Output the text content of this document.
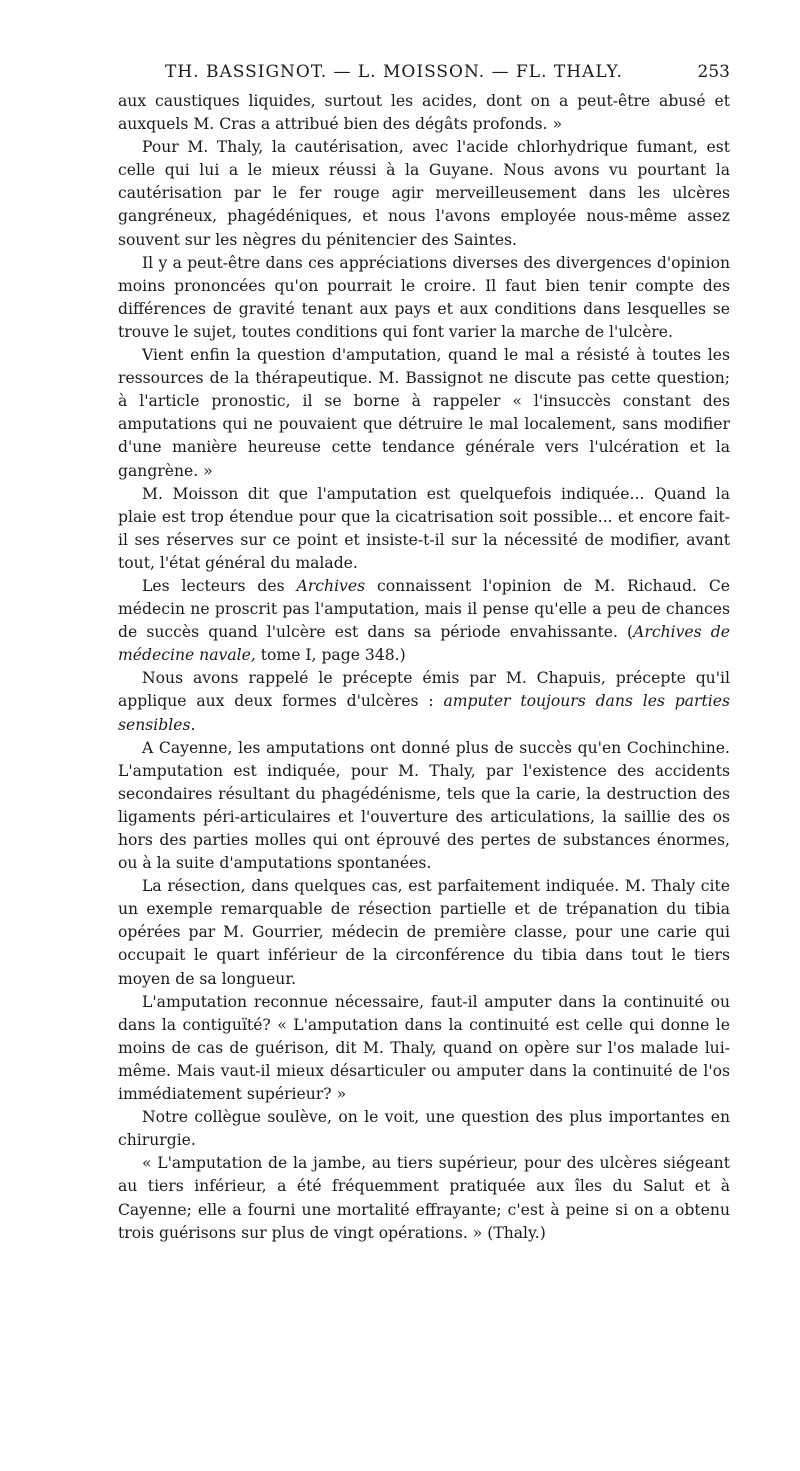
TH. BASSIGNOT. — L. MOISSON. — FL. THALY.	253

aux caustiques liquides, surtout les acides, dont on a peut-être abusé et auxquels M. Cras a attribué bien des dégâts profonds. »

Pour M. Thaly, la cautérisation, avec l'acide chlorhydrique fumant, est celle qui lui a le mieux réussi à la Guyane. Nous avons vu pourtant la cautérisation par le fer rouge agir merveilleusement dans les ulcères gangréneux, phagédéniques, et nous l'avons employée nous-même assez souvent sur les nègres du pénitencier des Saintes.

Il y a peut-être dans ces appréciations diverses des divergences d'opinion moins prononcées qu'on pourrait le croire. Il faut bien tenir compte des différences de gravité tenant aux pays et aux conditions dans lesquelles se trouve le sujet, toutes conditions qui font varier la marche de l'ulcère.

Vient enfin la question d'amputation, quand le mal a résisté à toutes les ressources de la thérapeutique. M. Bassignot ne discute pas cette question; à l'article pronostic, il se borne à rappeler « l'insuccès constant des amputations qui ne pouvaient que détruire le mal localement, sans modifier d'une manière heureuse cette tendance générale vers l'ulcération et la gangrène. »

M. Moisson dit que l'amputation est quelquefois indiquée... Quand la plaie est trop étendue pour que la cicatrisation soit possible... et encore fait-il ses réserves sur ce point et insiste-t-il sur la nécessité de modifier, avant tout, l'état général du malade.

Les lecteurs des Archives connaissent l'opinion de M. Richaud. Ce médecin ne proscrit pas l'amputation, mais il pense qu'elle a peu de chances de succès quand l'ulcère est dans sa période envahissante. (Archives de médecine navale, tome I, page 348.)

Nous avons rappelé le précepte émis par M. Chapuis, précepte qu'il applique aux deux formes d'ulcères : amputer toujours dans les parties sensibles.

A Cayenne, les amputations ont donné plus de succès qu'en Cochinchine. L'amputation est indiquée, pour M. Thaly, par l'existence des accidents secondaires résultant du phagédénisme, tels que la carie, la destruction des ligaments péri-articulaires et l'ouverture des articulations, la saillie des os hors des parties molles qui ont éprouvé des pertes de substances énormes, ou à la suite d'amputations spontanées.

La résection, dans quelques cas, est parfaitement indiquée. M. Thaly cite un exemple remarquable de résection partielle et de trépanation du tibia opérées par M. Gourrier, médecin de première classe, pour une carie qui occupait le quart inférieur de la circonférence du tibia dans tout le tiers moyen de sa longueur.

L'amputation reconnue nécessaire, faut-il amputer dans la continuité ou dans la contiguïté? « L'amputation dans la continuité est celle qui donne le moins de cas de guérison, dit M. Thaly, quand on opère sur l'os malade lui-même. Mais vaut-il mieux désarticuler ou amputer dans la continuité de l'os immédiatement supérieur? »

Notre collègue soulève, on le voit, une question des plus importantes en chirurgie.

« L'amputation de la jambe, au tiers supérieur, pour des ulcères siégeant au tiers inférieur, a été fréquemment pratiquée aux îles du Salut et à Cayenne; elle a fourni une mortalité effrayante; c'est à peine si on a obtenu trois guérisons sur plus de vingt opérations. » (Thaly.)
